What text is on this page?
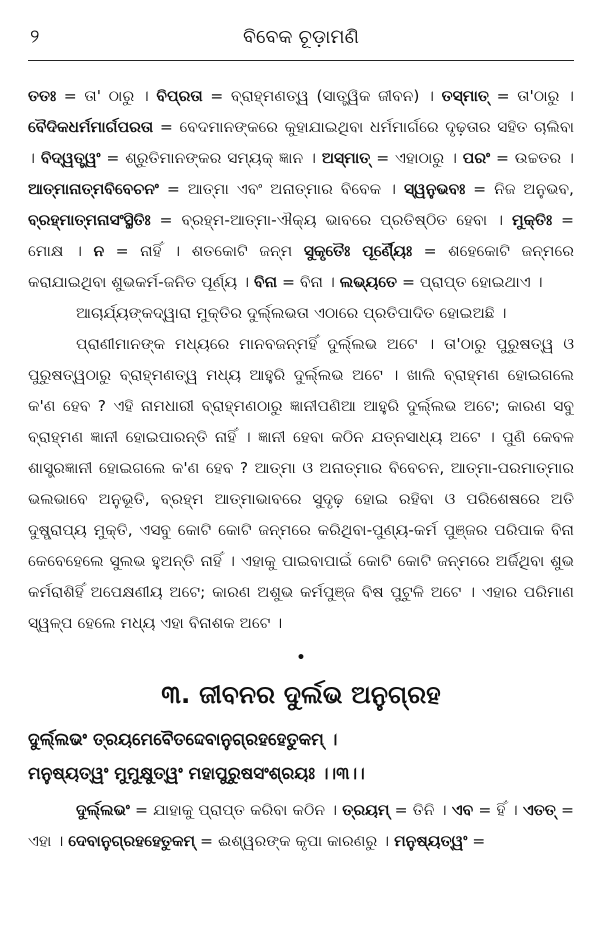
୨	ବିବେକ ଚୂଡ଼ାମଣି

ତତଃ = ତା' ଠାରୁ । ବିପ୍ରତା = ବ୍ରାହ୍ମଣତ୍ୱ (ସାତ୍ତ୍ୱିକ ଜୀବନ) । ତସ୍ମାତ୍ = ତା'ଠାରୁ । ବୈଦିକଧର୍ମମାର୍ଗପରତା = ବେଦମାନଙ୍କରେ କୁହାଯାଇଥିବା ଧର୍ମମାର୍ଗରେ ଦୃଢ଼ତାର ସହିତ ଚାଲିବା । ବିଦ୍ୱତ୍ତ୍ୱଂ = ଶ୍ରୁତିମାନଙ୍କର ସମ୍ୟକ୍ ଜ୍ଞାନ । ଅସ୍ମାତ୍ = ଏହାଠାରୁ । ପରଂ = ଉଚ୍ଚତର । ଆତ୍ମାନାତ୍ମବିବେଚନଂ = ଆତ୍ମା ଏବଂ ଅନାତ୍ମାର ବିବେକ । ସ୍ୱନୁଭବଃ = ନିଜ ଅନୁଭବ, ବ୍ରହ୍ମାତ୍ମନାସଂସ୍ଥିତିଃ = ବ୍ରହ୍ମ-ଆତ୍ମା-ଐକ୍ୟ ଭାବରେ ପ୍ରତିଷ୍ଠିତ ହେବା । ମୁକ୍ତିଃ = ମୋକ୍ଷ । ନ = ନାହିଁ । ଶତକୋଟି ଜନ୍ମ ସୁକୃତୈଃ ପୂର୍ଣ୍ୟୈଃ = ଶହେକୋଟି ଜନ୍ମରେ କରାଯାଇଥିବା ଶୁଭକର୍ମ-ଜନିତ ପୂର୍ଣ୍ୟ । ବିନା = ବିନା । ଲଭ୍ୟତେ = ପ୍ରାପ୍ତ ହୋଇଥାଏ ।

ଆଚାର୍ଯ୍ୟଙ୍କଦ୍ୱାରା ମୁକ୍ତିର ଦୁର୍ଲ୍ଲଭତା ଏଠାରେ ପ୍ରତିପାଦିତ ହୋଇଅଛି ।

ପ୍ରାଣୀମାନଙ୍କ ମଧ୍ୟରେ ମାନବଜନ୍ମହିଁ ଦୁର୍ଲ୍ଲଭ ଅଟେ । ତା'ଠାରୁ ପୁରୁଷତ୍ୱ ଓ ପୁରୁଷତ୍ୱଠାରୁ ବ୍ରାହ୍ମଣତ୍ୱ ମଧ୍ୟ ଆହୁରି ଦୁର୍ଲ୍ଲଭ ଅଟେ । ଖାଲି ବ୍ରାହ୍ମଣ ହୋଇଗଲେ କ'ଣ ହେବ ? ଏହି ନାମଧାରୀ ବ୍ରାହ୍ମଣଠାରୁ ଜ୍ଞାନୀପଣିଆ ଆହୁରି ଦୁର୍ଲ୍ଲଭ ଅଟେ; କାରଣ ସବୁ ବ୍ରାହ୍ମଣ ଜ୍ଞାନୀ ହୋଇପାରନ୍ତି ନାହିଁ । ଜ୍ଞାନୀ ହେବା କଠିନ ଯତ୍ନସାଧ୍ୟ ଅଟେ । ପୁଣି କେବଳ ଶାସ୍ତ୍ରଜ୍ଞାନୀ ହୋଇଗଲେ କ'ଣ ହେବ ? ଆତ୍ମା ଓ ଅନାତ୍ମାର ବିବେଚନ, ଆତ୍ମା-ପରମାତ୍ମାର ଭଲଭାବେ ଅନୁଭୂତି, ବ୍ରହ୍ମ ଆତ୍ମାଭାବରେ ସୁଦୃଢ଼ ହୋଇ ରହିବା ଓ ପରିଶେଷରେ ଅତି ଦୁଷ୍ପ୍ରାପ୍ୟ ମୁକ୍ତି, ଏସବୁ କୋଟି କୋଟି ଜନ୍ମରେ କରିଥିବା-ପୁଣ୍ୟ-କର୍ମ ପୁଞ୍ଜର ପରିପାକ ବିନା କେବେହେଲେ ସୁଲଭ ହୁଅନ୍ତି ନାହିଁ । ଏହାକୁ ପାଇବାପାଇଁ କୋଟି କୋଟି ଜନ୍ମରେ ଅର୍ଜିଥିବା ଶୁଭ କର୍ମରାଶିହିଁ ଅପେକ୍ଷଣୀୟ ଅଟେ; କାରଣ ଅଶୁଭ କର୍ମପୁଞ୍ଜ ବିଷ ପୁଟୁଳି ଅଟେ । ଏହାର ପରିମାଣ ସ୍ୱଳ୍ପ ହେଲେ ମଧ୍ୟ ଏହା ବିନାଶକ ଅଟେ ।

•
୩. ଜୀବନର ଦୁର୍ଲଭ ଅନୁଗ୍ରହ
ଦୁର୍ଲ୍ଲଭଂ ତ୍ରୟମେବୈତଦ୍ଦେବାନୁଗ୍ରହହେତୁକମ୍ ।
ମନୁଷ୍ୟତ୍ୱଂ ମୁମୁକ୍ଷୁତ୍ୱଂ ମହାପୁରୁଷସଂଶ୍ରୟଃ ।।୩।।

ଦୁର୍ଲ୍ଲଭଂ = ଯାହାକୁ ପ୍ରାପ୍ତ କରିବା କଠିନ । ତ୍ରୟମ୍ = ତିନି । ଏବ = ହିଁ । ଏତତ୍ = ଏହା । ଦେବାନୁଗ୍ରହହେତୁକମ୍ = ଈଶ୍ୱରଙ୍କ କୃପା କାରଣରୁ । ମନୁଷ୍ୟତ୍ୱଂ =
